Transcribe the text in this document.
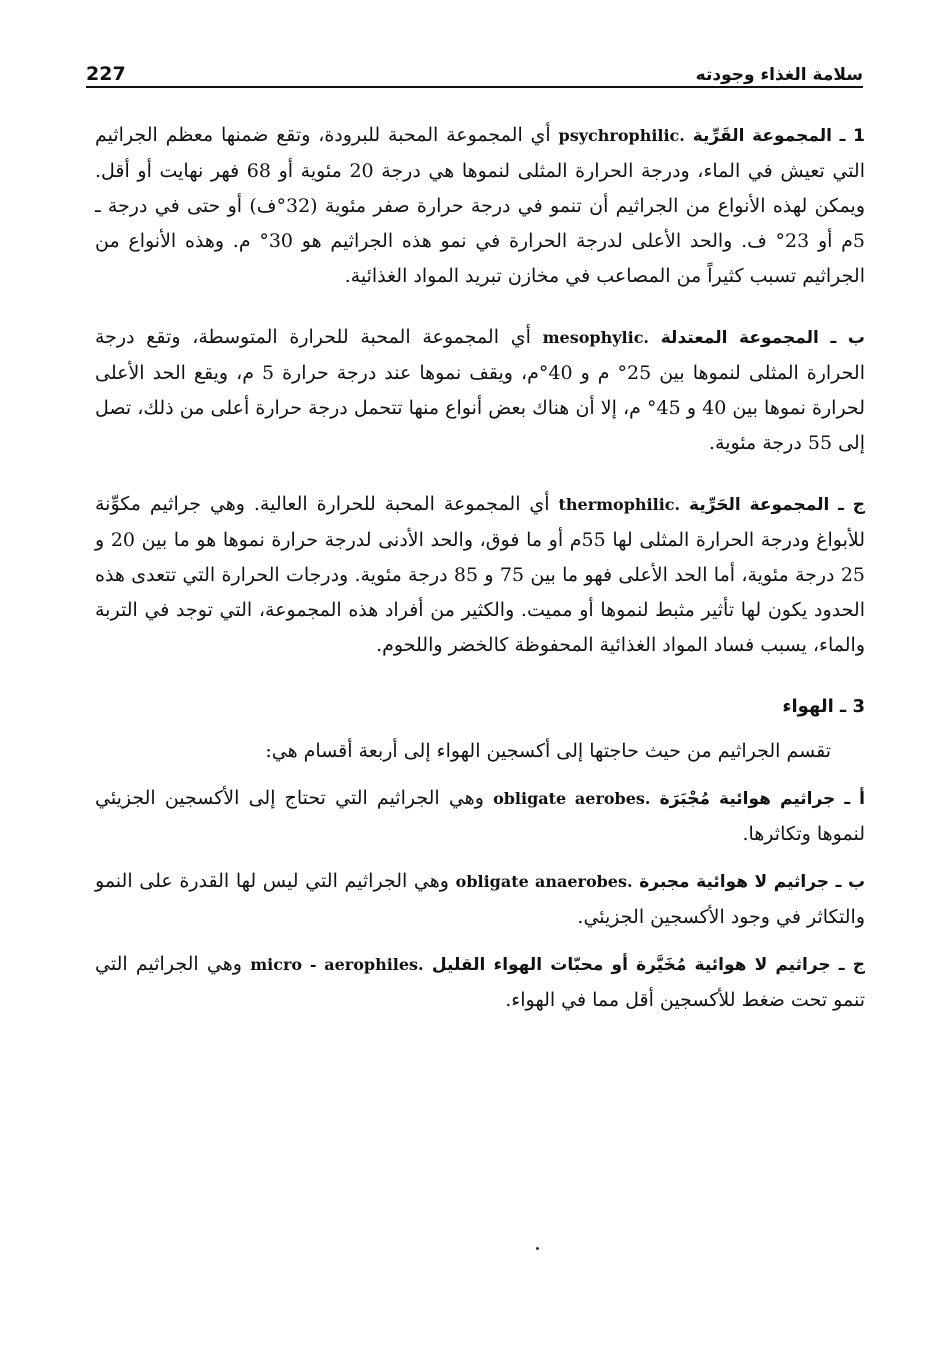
227	سلامة الغذاء وجودته

1 ـ المجموعة القَرِّية psychrophilic. أي المجموعة المحبة للبرودة، وتقع ضمنها معظم الجراثيم التي تعيش في الماء، ودرجة الحرارة المثلى لنموها هي درجة 20 مئوية أو 68 فهر نهايت أو أقل. ويمكن لهذه الأنواع من الجراثيم أن تنمو في درجة حرارة صفر مئوية (32°ف) أو حتى في درجة ـ 5م أو 23° ف. والحد الأعلى لدرجة الحرارة في نمو هذه الجراثيم هو 30° م. وهذه الأنواع من الجراثيم تسبب كثيراً من المصاعب في مخازن تبريد المواد الغذائية.

ب ـ المجموعة المعتدلة mesophylic. أي المجموعة المحبة للحرارة المتوسطة، وتقع درجة الحرارة المثلى لنموها بين 25° م و 40°م، ويقف نموها عند درجة حرارة 5 م، ويقع الحد الأعلى لحرارة نموها بين 40 و 45° م، إلا أن هناك بعض أنواع منها تتحمل درجة حرارة أعلى من ذلك، تصل إلى 55 درجة مئوية.

ج ـ المجموعة الحَرِّية thermophilic. أي المجموعة المحبة للحرارة العالية. وهي جراثيم مكوِّنة للأبواغ ودرجة الحرارة المثلى لها 55م أو ما فوق، والحد الأدنى لدرجة حرارة نموها هو ما بين 20 و 25 درجة مئوية، أما الحد الأعلى فهو ما بين 75 و 85 درجة مئوية. ودرجات الحرارة التي تتعدى هذه الحدود يكون لها تأثير مثبط لنموها أو مميت. والكثير من أفراد هذه المجموعة، التي توجد في التربة والماء، يسبب فساد المواد الغذائية المحفوظة كالخضر واللحوم.

3 ـ الهواء

تقسم الجراثيم من حيث حاجتها إلى أكسجين الهواء إلى أربعة أقسام هي:

أ ـ جراثيم هوائية مُجْبَرَة obligate aerobes. وهي الجراثيم التي تحتاج إلى الأكسجين الجزيئي لنموها وتكاثرها.

ب ـ جراثيم لا هوائية مجبرة obligate anaerobes. وهي الجراثيم التي ليس لها القدرة على النمو والتكاثر في وجود الأكسجين الجزيئي.

ج ـ جراثيم لا هوائية مُخَيَّرة أو محبّات الهواء القليل micro - aerophiles. وهي الجراثيم التي تنمو تحت ضغط للأكسجين أقل مما في الهواء.
